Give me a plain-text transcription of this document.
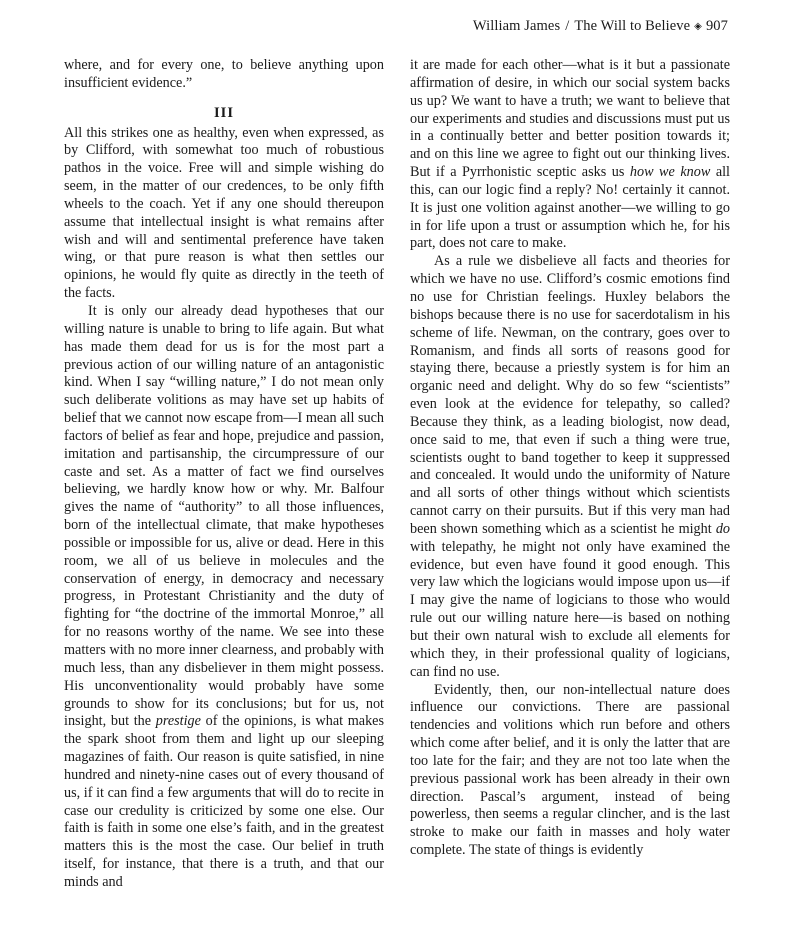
William James / The Will to Believe ◈ 907

where, and for every one, to believe anything upon insufficient evidence.”

III

All this strikes one as healthy, even when expressed, as by Clifford, with somewhat too much of robustious pathos in the voice. Free will and simple wishing do seem, in the matter of our credences, to be only fifth wheels to the coach. Yet if any one should thereupon assume that intellectual insight is what remains after wish and will and sentimental preference have taken wing, or that pure reason is what then settles our opinions, he would fly quite as directly in the teeth of the facts.

It is only our already dead hypotheses that our willing nature is unable to bring to life again. But what has made them dead for us is for the most part a previous action of our willing nature of an antagonistic kind. When I say “willing nature,” I do not mean only such deliberate volitions as may have set up habits of belief that we cannot now escape from—I mean all such factors of belief as fear and hope, prejudice and passion, imitation and partisanship, the circumpressure of our caste and set. As a matter of fact we find ourselves believing, we hardly know how or why. Mr. Balfour gives the name of “authority” to all those influences, born of the intellectual climate, that make hypotheses possible or impossible for us, alive or dead. Here in this room, we all of us believe in molecules and the conservation of energy, in democracy and necessary progress, in Protestant Christianity and the duty of fighting for “the doctrine of the immortal Monroe,” all for no reasons worthy of the name. We see into these matters with no more inner clearness, and probably with much less, than any disbeliever in them might possess. His unconventionality would probably have some grounds to show for its conclusions; but for us, not insight, but the prestige of the opinions, is what makes the spark shoot from them and light up our sleeping magazines of faith. Our reason is quite satisfied, in nine hundred and ninety-nine cases out of every thousand of us, if it can find a few arguments that will do to recite in case our credulity is criticized by some one else. Our faith is faith in some one else’s faith, and in the greatest matters this is the most the case. Our belief in truth itself, for instance, that there is a truth, and that our minds and

it are made for each other—what is it but a passionate affirmation of desire, in which our social system backs us up? We want to have a truth; we want to believe that our experiments and studies and discussions must put us in a continually better and better position towards it; and on this line we agree to fight out our thinking lives. But if a Pyrrhonistic sceptic asks us how we know all this, can our logic find a reply? No! certainly it cannot. It is just one volition against another—we willing to go in for life upon a trust or assumption which he, for his part, does not care to make.

As a rule we disbelieve all facts and theories for which we have no use. Clifford’s cosmic emotions find no use for Christian feelings. Huxley belabors the bishops because there is no use for sacerdotalism in his scheme of life. Newman, on the contrary, goes over to Romanism, and finds all sorts of reasons good for staying there, because a priestly system is for him an organic need and delight. Why do so few “scientists” even look at the evidence for telepathy, so called? Because they think, as a leading biologist, now dead, once said to me, that even if such a thing were true, scientists ought to band together to keep it suppressed and concealed. It would undo the uniformity of Nature and all sorts of other things without which scientists cannot carry on their pursuits. But if this very man had been shown something which as a scientist he might do with telepathy, he might not only have examined the evidence, but even have found it good enough. This very law which the logicians would impose upon us—if I may give the name of logicians to those who would rule out our willing nature here—is based on nothing but their own natural wish to exclude all elements for which they, in their professional quality of logicians, can find no use.

Evidently, then, our non-intellectual nature does influence our convictions. There are passional tendencies and volitions which run before and others which come after belief, and it is only the latter that are too late for the fair; and they are not too late when the previous passional work has been already in their own direction. Pascal’s argument, instead of being powerless, then seems a regular clincher, and is the last stroke to make our faith in masses and holy water complete. The state of things is evidently
